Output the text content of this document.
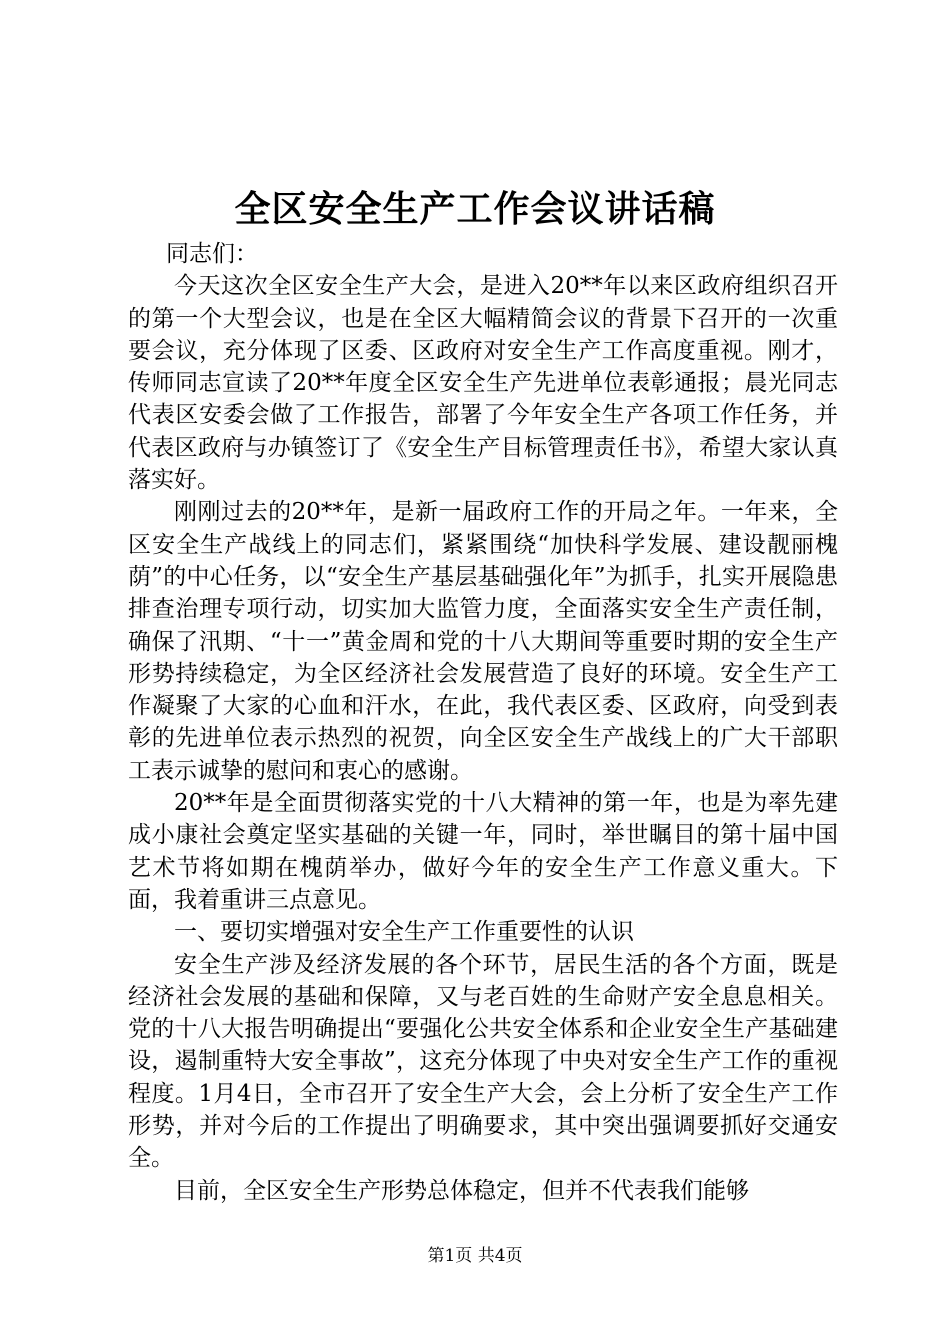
全区安全生产工作会议讲话稿

同志们：

今天这次全区安全生产大会，是进入20**年以来区政府组织召开的第一个大型会议，也是在全区大幅精简会议的背景下召开的一次重要会议，充分体现了区委、区政府对安全生产工作高度重视。刚才，传师同志宣读了20**年度全区安全生产先进单位表彰通报；晨光同志代表区安委会做了工作报告，部署了今年安全生产各项工作任务，并代表区政府与办镇签订了《安全生产目标管理责任书》，希望大家认真落实好。

刚刚过去的20**年，是新一届政府工作的开局之年。一年来，全区安全生产战线上的同志们，紧紧围绕“加快科学发展、建设靓丽槐荫”的中心任务，以“安全生产基层基础强化年”为抓手，扎实开展隐患排查治理专项行动，切实加大监管力度，全面落实安全生产责任制，确保了汛期、“十一”黄金周和党的十八大期间等重要时期的安全生产形势持续稳定，为全区经济社会发展营造了良好的环境。安全生产工作凝聚了大家的心血和汗水，在此，我代表区委、区政府，向受到表彰的先进单位表示热烈的祝贺，向全区安全生产战线上的广大干部职工表示诚挚的慰问和衷心的感谢。

20**年是全面贯彻落实党的十八大精神的第一年，也是为率先建成小康社会奠定坚实基础的关键一年，同时，举世瞩目的第十届中国艺术节将如期在槐荫举办，做好今年的安全生产工作意义重大。下面，我着重讲三点意见。

一、要切实增强对安全生产工作重要性的认识

安全生产涉及经济发展的各个环节，居民生活的各个方面，既是经济社会发展的基础和保障，又与老百姓的生命财产安全息息相关。党的十八大报告明确提出“要强化公共安全体系和企业安全生产基础建设，遏制重特大安全事故”，这充分体现了中央对安全生产工作的重视程度。1月4日，全市召开了安全生产大会，会上分析了安全生产工作形势，并对今后的工作提出了明确要求，其中突出强调要抓好交通安全。

目前，全区安全生产形势总体稳定，但并不代表我们能够

第1页 共4页
